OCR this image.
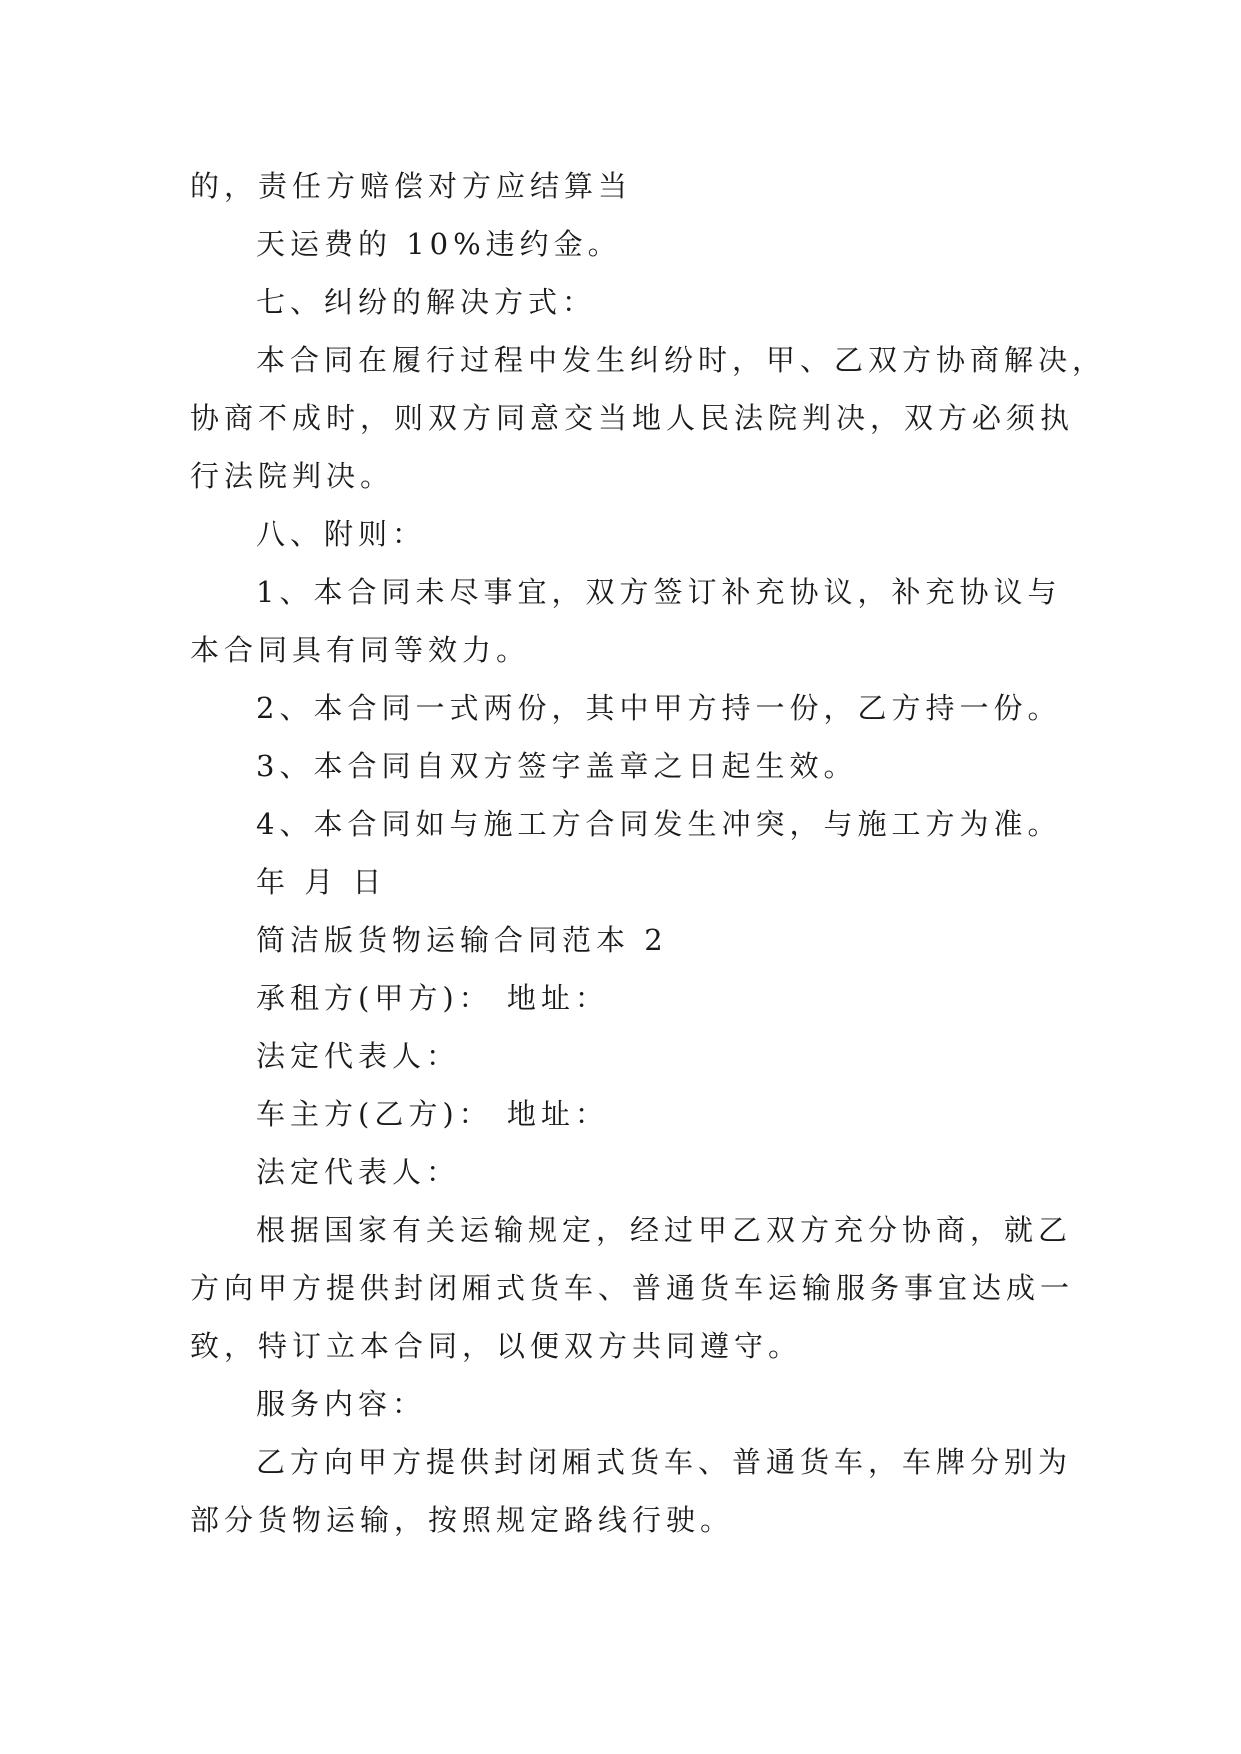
的，责任方赔偿对方应结算当
天运费的 10%违约金。
七、纠纷的解决方式：
本合同在履行过程中发生纠纷时，甲、乙双方协商解决，
协商不成时，则双方同意交当地人民法院判决，双方必须执
行法院判决。
八、附则：
1、本合同未尽事宜，双方签订补充协议，补充协议与
本合同具有同等效力。
2、本合同一式两份，其中甲方持一份，乙方持一份。
3、本合同自双方签字盖章之日起生效。
4、本合同如与施工方合同发生冲突，与施工方为准。
年 月 日
简洁版货物运输合同范本 2
承租方(甲方)： 地址：
法定代表人：
车主方(乙方)： 地址：
法定代表人：
根据国家有关运输规定，经过甲乙双方充分协商，就乙
方向甲方提供封闭厢式货车、普通货车运输服务事宜达成一
致，特订立本合同，以便双方共同遵守。
服务内容：
乙方向甲方提供封闭厢式货车、普通货车，车牌分别为
部分货物运输，按照规定路线行驶。
